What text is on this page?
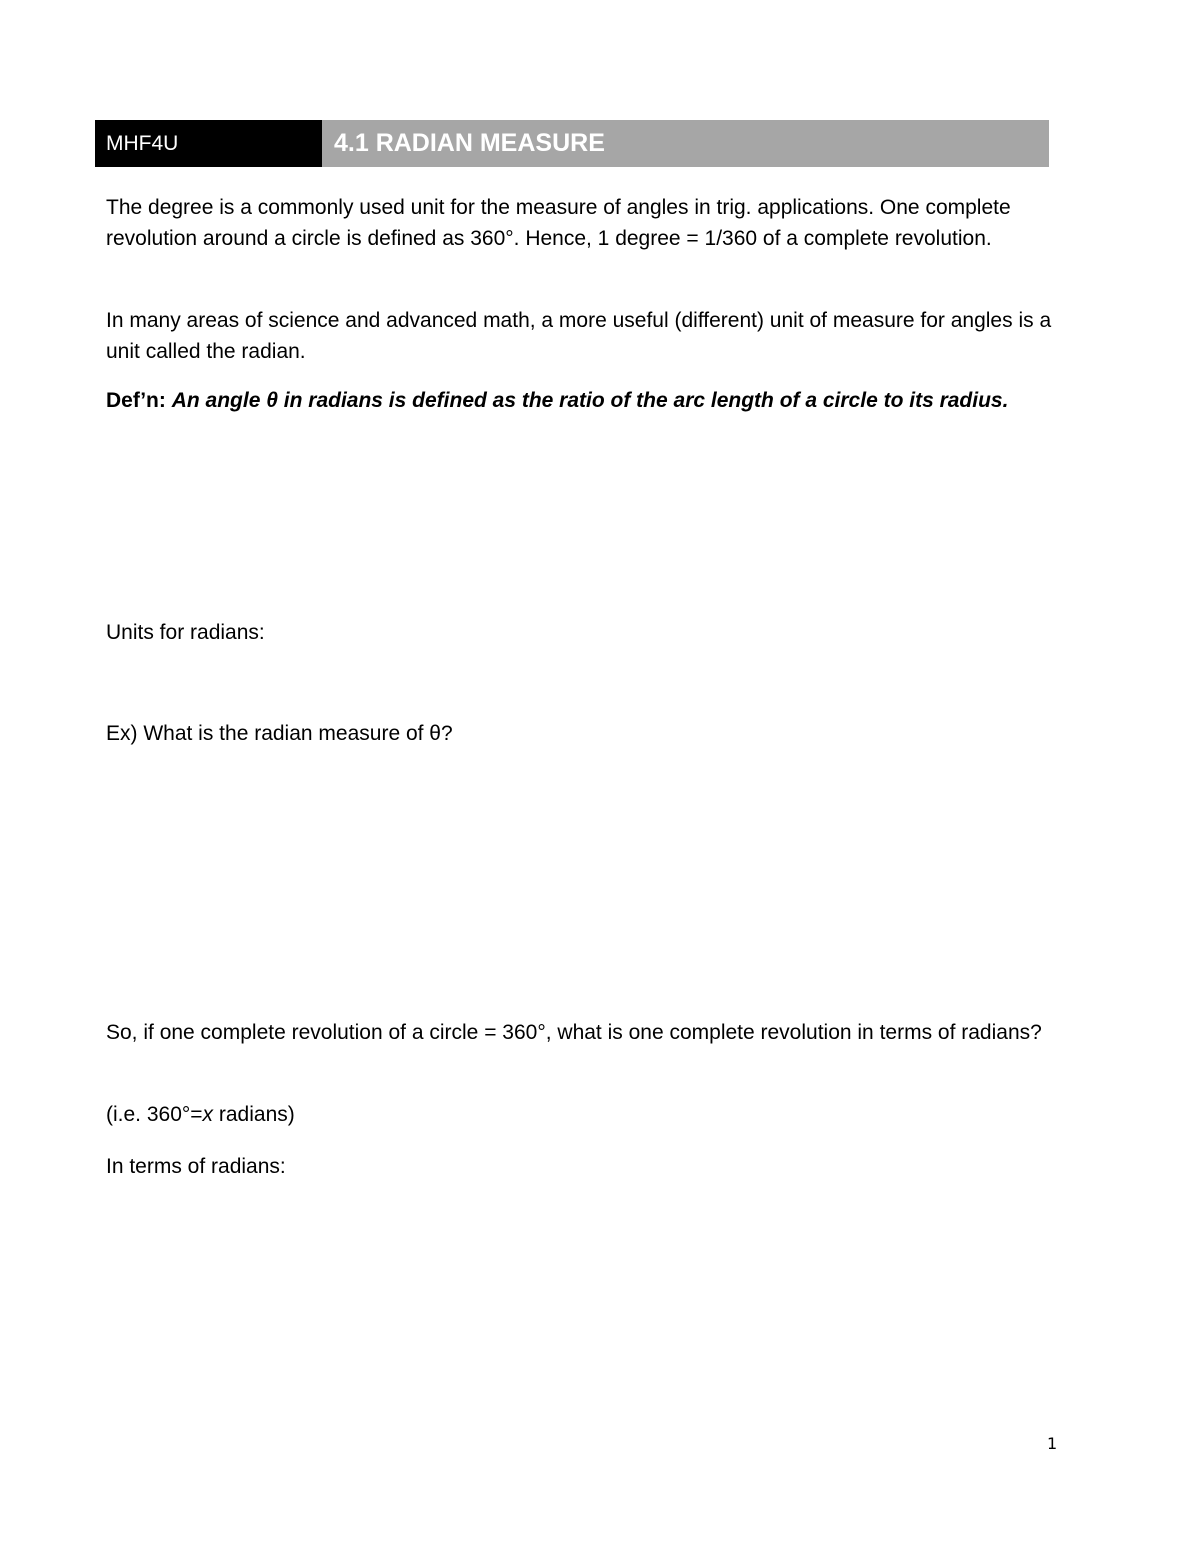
MHF4U	4.1 RADIAN MEASURE

The degree is a commonly used unit for the measure of angles in trig. applications. One complete revolution around a circle is defined as 360°. Hence, 1 degree = 1/360 of a complete revolution.

In many areas of science and advanced math, a more useful (different) unit of measure for angles is a unit called the radian.

Def’n: An angle θ in radians is defined as the ratio of the arc length of a circle to its radius.

Units for radians:

Ex) What is the radian measure of θ?

So, if one complete revolution of a circle = 360°, what is one complete revolution in terms of radians?

(i.e. 360°=x radians)

In terms of radians:

1
